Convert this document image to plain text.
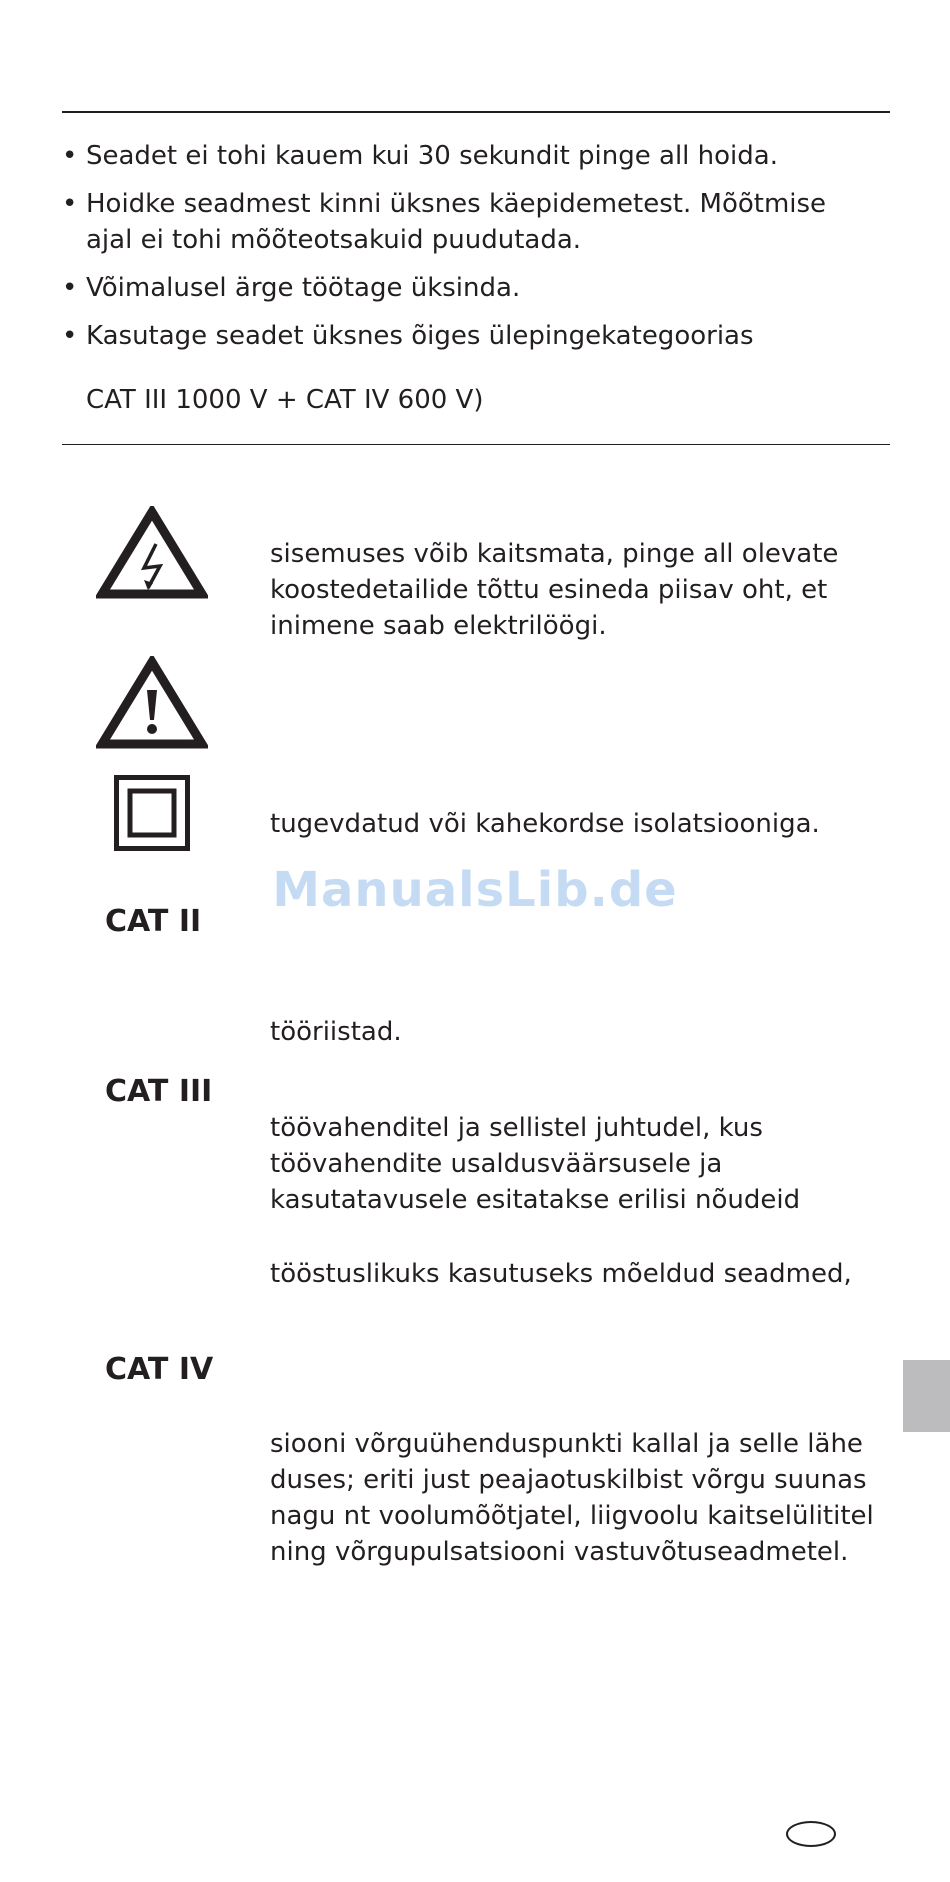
• Seadet ei tohi kauem kui 30 sekundit pinge all hoida.
• Hoidke seadmest kinni üksnes käepidemetest. Mõõtmise
ajal ei tohi mõõteotsakuid puudutada.
• Võimalusel ärge töötage üksinda.
• Kasutage seadet üksnes õiges ülepingekategoorias
CAT III 1000 V + CAT IV 600 V)
sisemuses võib kaitsmata, pinge all olevate
koostedetailide tõttu esineda piisav oht, et
inimene saab elektrilöögi.
tugevdatud või kahekordse isolatsiooniga.
ManualsLib.de
CAT II
tööriistad.
CAT III
töövahenditel ja sellistel juhtudel, kus
töövahendite usaldusväärsusele ja
kasutatavusele esitatakse erilisi nõudeid
tööstuslikuks kasutuseks mõeldud seadmed,
CAT IV
siooni võrguühenduspunkti kallal ja selle lähe
duses; eriti just peajaotuskilbist võrgu suunas
nagu nt voolumõõtjatel, liigvoolu kaitselülititel
ning võrgupulsatsiooni vastuvõtuseadmetel.
